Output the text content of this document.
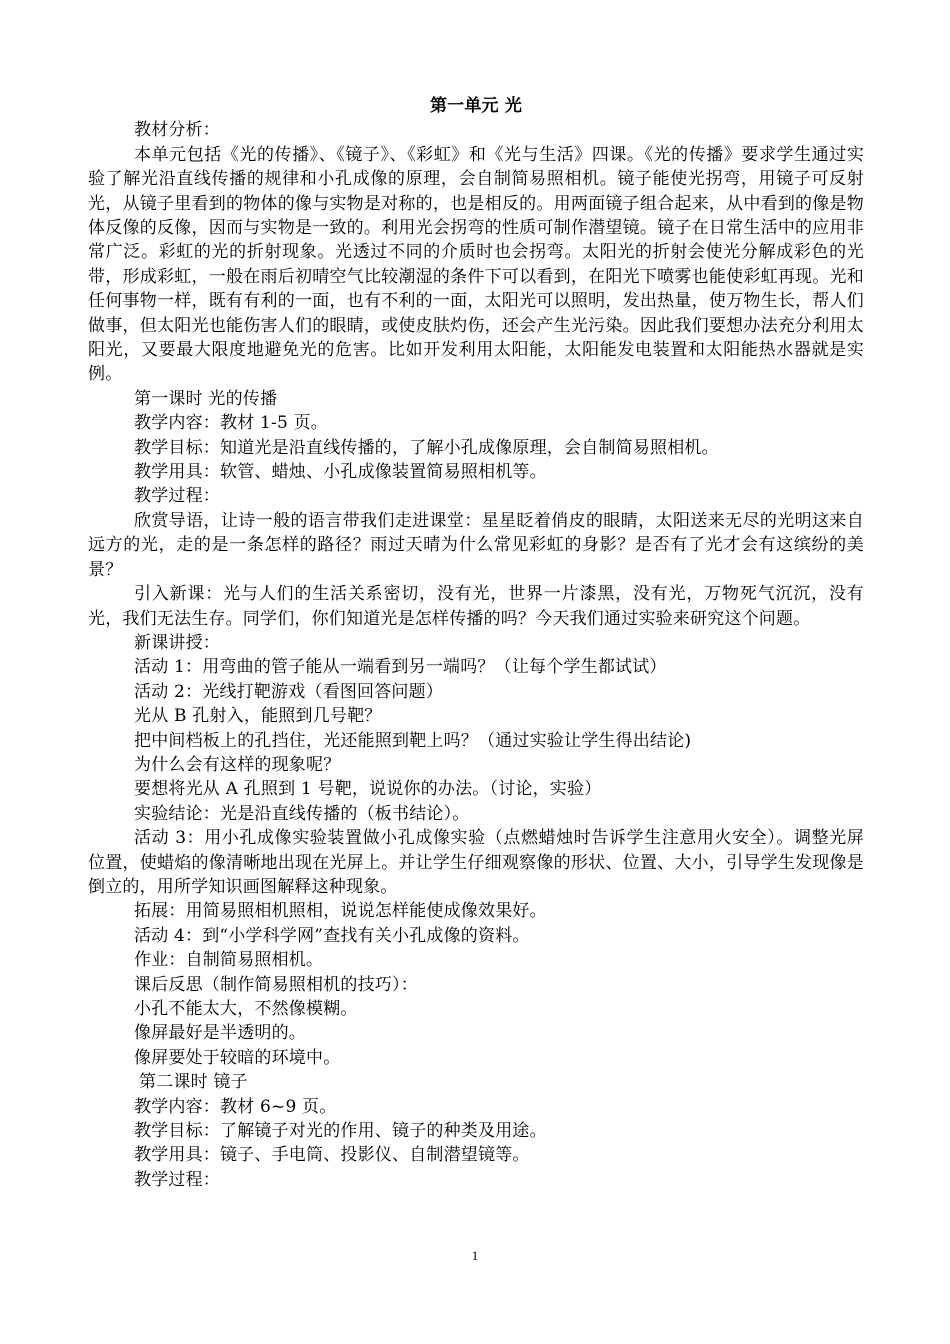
第一单元 光
教材分析：
本单元包括《光的传播》、《镜子》、《彩虹》和《光与生活》四课。《光的传播》要求学生通过实验了解光沿直线传播的规律和小孔成像的原理，会自制简易照相机。镜子能使光拐弯，用镜子可反射光，从镜子里看到的物体的像与实物是对称的，也是相反的。用两面镜子组合起来，从中看到的像是物体反像的反像，因而与实物是一致的。利用光会拐弯的性质可制作潜望镜。镜子在日常生活中的应用非常广泛。彩虹的光的折射现象。光透过不同的介质时也会拐弯。太阳光的折射会使光分解成彩色的光带，形成彩虹，一般在雨后初晴空气比较潮湿的条件下可以看到，在阳光下喷雾也能使彩虹再现。光和任何事物一样，既有有利的一面，也有不利的一面，太阳光可以照明，发出热量，使万物生长，帮人们做事，但太阳光也能伤害人们的眼睛，或使皮肤灼伤，还会产生光污染。因此我们要想办法充分利用太阳光，又要最大限度地避免光的危害。比如开发利用太阳能，太阳能发电装置和太阳能热水器就是实例。
第一课时 光的传播
教学内容：教材 1-5 页。
教学目标：知道光是沿直线传播的，了解小孔成像原理，会自制简易照相机。
教学用具：软管、蜡烛、小孔成像装置简易照相机等。
教学过程：
欣赏导语，让诗一般的语言带我们走进课堂：星星眨着俏皮的眼睛，太阳送来无尽的光明这来自远方的光，走的是一条怎样的路径？雨过天晴为什么常见彩虹的身影？是否有了光才会有这缤纷的美景？
引入新课：光与人们的生活关系密切，没有光，世界一片漆黑，没有光，万物死气沉沉，没有光，我们无法生存。同学们，你们知道光是怎样传播的吗？今天我们通过实验来研究这个问题。
新课讲授：
活动 1：用弯曲的管子能从一端看到另一端吗？（让每个学生都试试）
活动 2：光线打靶游戏（看图回答问题）
光从 B 孔射入，能照到几号靶？
把中间档板上的孔挡住，光还能照到靶上吗？（通过实验让学生得出结论)
为什么会有这样的现象呢？
要想将光从 A 孔照到 1 号靶，说说你的办法。（讨论，实验）
实验结论：光是沿直线传播的（板书结论）。
活动 3：用小孔成像实验装置做小孔成像实验（点燃蜡烛时告诉学生注意用火安全）。调整光屏位置，使蜡焰的像清晰地出现在光屏上。并让学生仔细观察像的形状、位置、大小，引导学生发现像是倒立的，用所学知识画图解释这种现象。
拓展：用简易照相机照相，说说怎样能使成像效果好。
活动 4：到“小学科学网”查找有关小孔成像的资料。
作业：自制简易照相机。
课后反思（制作简易照相机的技巧）：
小孔不能太大，不然像模糊。
像屏最好是半透明的。
像屏要处于较暗的环境中。
第二课时 镜子
教学内容：教材 6~9 页。
教学目标：了解镜子对光的作用、镜子的种类及用途。
教学用具：镜子、手电筒、投影仪、自制潜望镜等。
教学过程：
1
